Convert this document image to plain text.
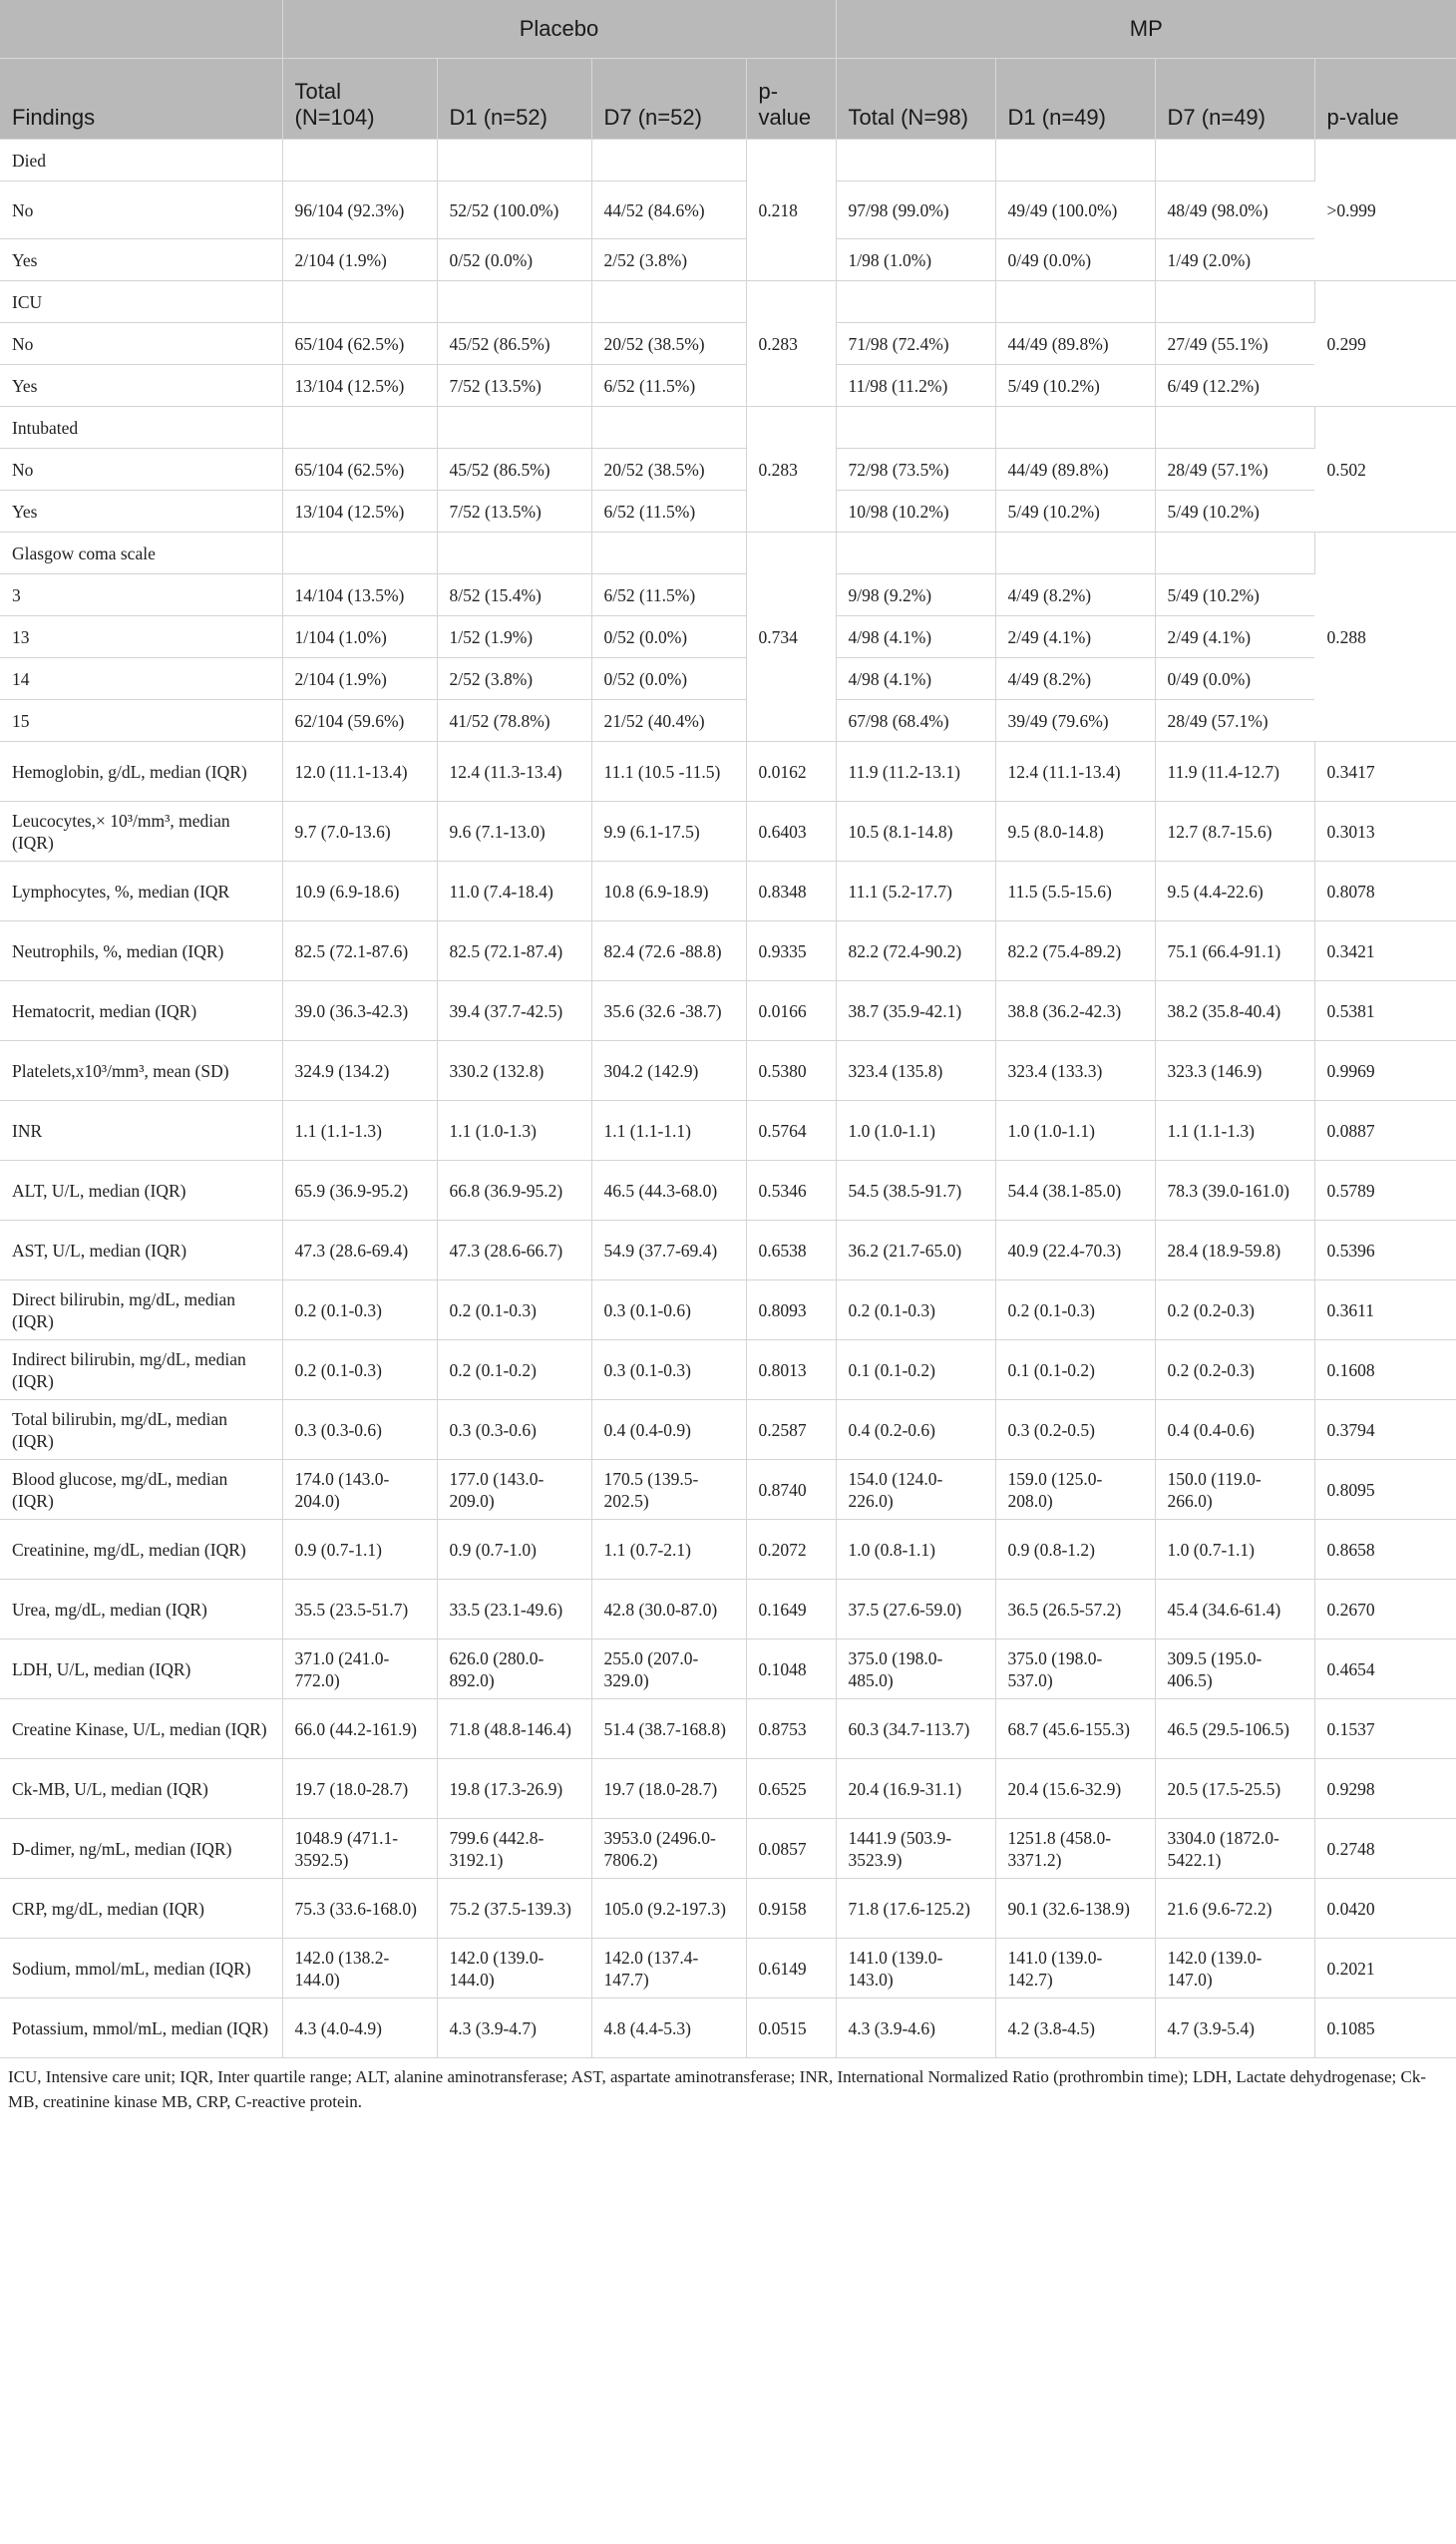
	Placebo				MP			
Findings	Total (N=104)	D1 (n=52)	D7 (n=52)	p-value	Total (N=98)	D1 (n=49)	D7 (n=49)	p-value
Died				0.218				>0.999
No	96/104 (92.3%)	52/52 (100.0%)	44/52 (84.6%)		97/98 (99.0%)	49/49 (100.0%)	48/49 (98.0%)	
Yes	2/104 (1.9%)	0/52 (0.0%)	2/52 (3.8%)		1/98 (1.0%)	0/49 (0.0%)	1/49 (2.0%)	
ICU				0.283				0.299
No	65/104 (62.5%)	45/52 (86.5%)	20/52 (38.5%)		71/98 (72.4%)	44/49 (89.8%)	27/49 (55.1%)	
Yes	13/104 (12.5%)	7/52 (13.5%)	6/52 (11.5%)		11/98 (11.2%)	5/49 (10.2%)	6/49 (12.2%)	
Intubated				0.283				0.502
No	65/104 (62.5%)	45/52 (86.5%)	20/52 (38.5%)		72/98 (73.5%)	44/49 (89.8%)	28/49 (57.1%)	
Yes	13/104 (12.5%)	7/52 (13.5%)	6/52 (11.5%)		10/98 (10.2%)	5/49 (10.2%)	5/49 (10.2%)	
Glasgow coma scale				0.734				0.288
3	14/104 (13.5%)	8/52 (15.4%)	6/52 (11.5%)		9/98 (9.2%)	4/49 (8.2%)	5/49 (10.2%)	
13	1/104 (1.0%)	1/52 (1.9%)	0/52 (0.0%)		4/98 (4.1%)	2/49 (4.1%)	2/49 (4.1%)	
14	2/104 (1.9%)	2/52 (3.8%)	0/52 (0.0%)		4/98 (4.1%)	4/49 (8.2%)	0/49 (0.0%)	
15	62/104 (59.6%)	41/52 (78.8%)	21/52 (40.4%)		67/98 (68.4%)	39/49 (79.6%)	28/49 (57.1%)	
Hemoglobin, g/dL, median (IQR)	12.0 (11.1-13.4)	12.4 (11.3-13.4)	11.1 (10.5 -11.5)	0.0162	11.9 (11.2-13.1)	12.4 (11.1-13.4)	11.9 (11.4-12.7)	0.3417
Leucocytes,× 10³/mm³, median (IQR)	9.7 (7.0-13.6)	9.6 (7.1-13.0)	9.9 (6.1-17.5)	0.6403	10.5 (8.1-14.8)	9.5 (8.0-14.8)	12.7 (8.7-15.6)	0.3013
Lymphocytes, %, median (IQR	10.9 (6.9-18.6)	11.0 (7.4-18.4)	10.8 (6.9-18.9)	0.8348	11.1 (5.2-17.7)	11.5 (5.5-15.6)	9.5 (4.4-22.6)	0.8078
Neutrophils, %, median (IQR)	82.5 (72.1-87.6)	82.5 (72.1-87.4)	82.4 (72.6 -88.8)	0.9335	82.2 (72.4-90.2)	82.2 (75.4-89.2)	75.1 (66.4-91.1)	0.3421
Hematocrit, median (IQR)	39.0 (36.3-42.3)	39.4 (37.7-42.5)	35.6 (32.6 -38.7)	0.0166	38.7 (35.9-42.1)	38.8 (36.2-42.3)	38.2 (35.8-40.4)	0.5381
Platelets,x10³/mm³, mean (SD)	324.9 (134.2)	330.2 (132.8)	304.2 (142.9)	0.5380	323.4 (135.8)	323.4 (133.3)	323.3 (146.9)	0.9969
INR	1.1 (1.1-1.3)	1.1 (1.0-1.3)	1.1 (1.1-1.1)	0.5764	1.0 (1.0-1.1)	1.0 (1.0-1.1)	1.1 (1.1-1.3)	0.0887
ALT, U/L, median (IQR)	65.9 (36.9-95.2)	66.8 (36.9-95.2)	46.5 (44.3-68.0)	0.5346	54.5 (38.5-91.7)	54.4 (38.1-85.0)	78.3 (39.0-161.0)	0.5789
AST, U/L, median (IQR)	47.3 (28.6-69.4)	47.3 (28.6-66.7)	54.9 (37.7-69.4)	0.6538	36.2 (21.7-65.0)	40.9 (22.4-70.3)	28.4 (18.9-59.8)	0.5396
Direct bilirubin, mg/dL, median (IQR)	0.2 (0.1-0.3)	0.2 (0.1-0.3)	0.3 (0.1-0.6)	0.8093	0.2 (0.1-0.3)	0.2 (0.1-0.3)	0.2 (0.2-0.3)	0.3611
Indirect bilirubin, mg/dL, median (IQR)	0.2 (0.1-0.3)	0.2 (0.1-0.2)	0.3 (0.1-0.3)	0.8013	0.1 (0.1-0.2)	0.1 (0.1-0.2)	0.2 (0.2-0.3)	0.1608
Total bilirubin, mg/dL, median (IQR)	0.3 (0.3-0.6)	0.3 (0.3-0.6)	0.4 (0.4-0.9)	0.2587	0.4 (0.2-0.6)	0.3 (0.2-0.5)	0.4 (0.4-0.6)	0.3794
Blood glucose, mg/dL, median (IQR)	174.0 (143.0-204.0)	177.0 (143.0-209.0)	170.5 (139.5-202.5)	0.8740	154.0 (124.0-226.0)	159.0 (125.0-208.0)	150.0 (119.0-266.0)	0.8095
Creatinine, mg/dL, median (IQR)	0.9 (0.7-1.1)	0.9 (0.7-1.0)	1.1 (0.7-2.1)	0.2072	1.0 (0.8-1.1)	0.9 (0.8-1.2)	1.0 (0.7-1.1)	0.8658
Urea, mg/dL, median (IQR)	35.5 (23.5-51.7)	33.5 (23.1-49.6)	42.8 (30.0-87.0)	0.1649	37.5 (27.6-59.0)	36.5 (26.5-57.2)	45.4 (34.6-61.4)	0.2670
LDH, U/L, median (IQR)	371.0 (241.0-772.0)	626.0 (280.0-892.0)	255.0 (207.0-329.0)	0.1048	375.0 (198.0-485.0)	375.0 (198.0-537.0)	309.5 (195.0-406.5)	0.4654
Creatine Kinase, U/L, median (IQR)	66.0 (44.2-161.9)	71.8 (48.8-146.4)	51.4 (38.7-168.8)	0.8753	60.3 (34.7-113.7)	68.7 (45.6-155.3)	46.5 (29.5-106.5)	0.1537
Ck-MB, U/L, median (IQR)	19.7 (18.0-28.7)	19.8 (17.3-26.9)	19.7 (18.0-28.7)	0.6525	20.4 (16.9-31.1)	20.4 (15.6-32.9)	20.5 (17.5-25.5)	0.9298
D-dimer, ng/mL, median (IQR)	1048.9 (471.1-3592.5)	799.6 (442.8-3192.1)	3953.0 (2496.0-7806.2)	0.0857	1441.9 (503.9-3523.9)	1251.8 (458.0-3371.2)	3304.0 (1872.0-5422.1)	0.2748
CRP, mg/dL, median (IQR)	75.3 (33.6-168.0)	75.2 (37.5-139.3)	105.0 (9.2-197.3)	0.9158	71.8 (17.6-125.2)	90.1 (32.6-138.9)	21.6 (9.6-72.2)	0.0420
Sodium, mmol/mL, median (IQR)	142.0 (138.2-144.0)	142.0 (139.0-144.0)	142.0 (137.4-147.7)	0.6149	141.0 (139.0-143.0)	141.0 (139.0-142.7)	142.0 (139.0-147.0)	0.2021
Potassium, mmol/mL, median (IQR)	4.3 (4.0-4.9)	4.3 (3.9-4.7)	4.8 (4.4-5.3)	0.0515	4.3 (3.9-4.6)	4.2 (3.8-4.5)	4.7 (3.9-5.4)	0.1085
ICU, Intensive care unit; IQR, Inter quartile range; ALT, alanine aminotransferase; AST, aspartate aminotransferase; INR, International Normalized Ratio (prothrombin time); LDH, Lactate dehydrogenase; Ck-MB, creatinine kinase MB, CRP, C-reactive protein.
